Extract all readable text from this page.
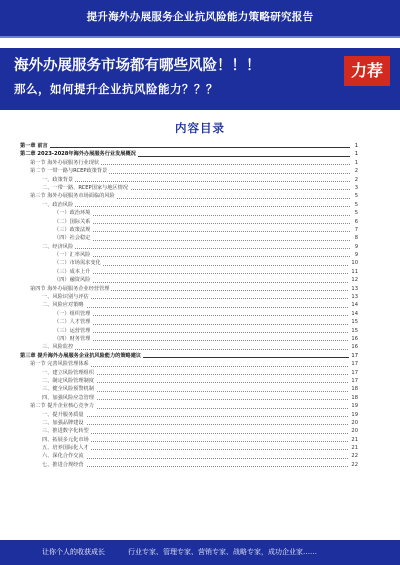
提升海外办展服务企业抗风险能力策略研究报告
海外办展服务市场都有哪些风险！！！
那么，如何提升企业抗风险能力？？？
力荐
内容目录
第一章 前言	1
第二章 2023-2028年海外办展服务行业发展概况	1
第一节 海外办展服务行业现状	1
第二节 一带一路与RCEP政策背景	2
一、政策背景	2
二、一带一路、RCEP国家与地区情况	3
第三节 海外办展服务市场面临的风险	5
一、政治风险	5
（一）政治环境	5
（二）国际关系	6
（三）政策法规	7
（四）社会稳定	8
二、经济风险	9
（一）汇率风险	9
（二）市场需求变化	10
（三）成本上升	11
（四）融资风险	12
第四节 海外办展服务企业经营管理	13
一、风险识别与评估	13
二、风险应对策略	14
（一）组织管理	14
（二）人才管理	15
（三）运营管理	15
（四）财务管理	16
三、风险监控	16
第三章 提升海外办展服务企业抗风险能力的策略建议	17
第一节 完善风险管理体系	17
一、建立风险管理组织	17
二、制定风险管理制度	17
三、健全风险预警机制	18
四、加强风险应急管理	18
第二节 提升企业核心竞争力	19
一、提升服务质量	19
二、加强品牌建设	20
三、推进数字化转型	20
四、拓展多元化市场	21
五、培养国际化人才	21
六、深化合作交流	22
七、推进合规经营	22
让你个人的收获成长	行业专家、管理专家、营销专家、战略专家，成功企业家……
